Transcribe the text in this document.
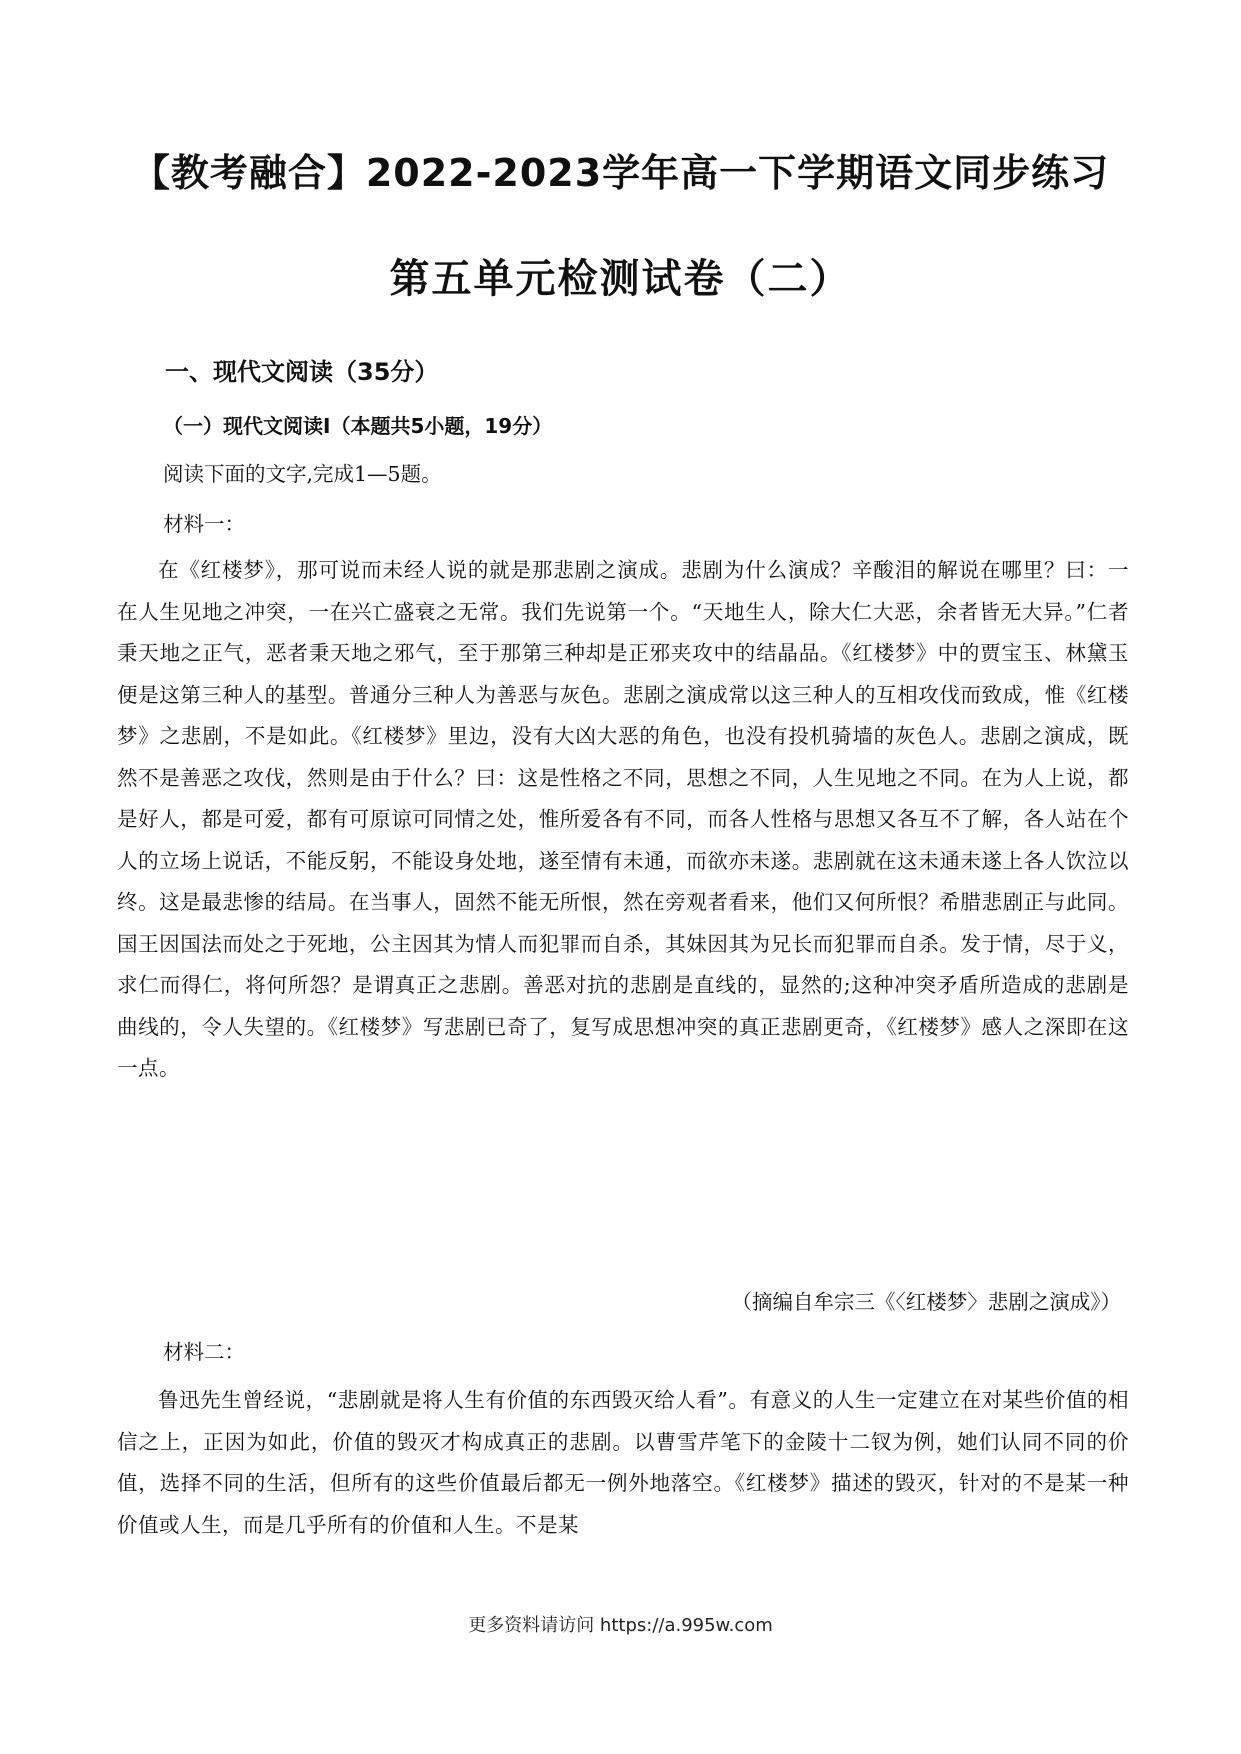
【教考融合】2022-2023学年高一下学期语文同步练习
第五单元检测试卷（二）
一、现代文阅读（35分）
（一）现代文阅读Ⅰ（本题共5小题，19分）
阅读下面的文字,完成1—5题。
材料一：

在《红楼梦》，那可说而未经人说的就是那悲剧之演成。悲剧为什么演成？辛酸泪的解说在哪里？曰：一在人生见地之冲突，一在兴亡盛衰之无常。我们先说第一个。“天地生人，除大仁大恶，余者皆无大异。”仁者秉天地之正气，恶者秉天地之邪气，至于那第三种却是正邪夹攻中的结晶品。《红楼梦》中的贾宝玉、林黛玉便是这第三种人的基型。普通分三种人为善恶与灰色。悲剧之演成常以这三种人的互相攻伐而致成，惟《红楼梦》之悲剧，不是如此。《红楼梦》里边，没有大凶大恶的角色，也没有投机骑墙的灰色人。悲剧之演成，既然不是善恶之攻伐，然则是由于什么？曰：这是性格之不同，思想之不同，人生见地之不同。在为人上说，都是好人，都是可爱，都有可原谅可同情之处，惟所爱各有不同，而各人性格与思想又各互不了解，各人站在个人的立场上说话，不能反躬，不能设身处地，遂至情有未通，而欲亦未遂。悲剧就在这未通未遂上各人饮泣以终。这是最悲惨的结局。在当事人，固然不能无所恨，然在旁观者看来，他们又何所恨？希腊悲剧正与此同。国王因国法而处之于死地，公主因其为情人而犯罪而自杀，其妹因其为兄长而犯罪而自杀。发于情，尽于义，求仁而得仁，将何所怨？是谓真正之悲剧。善恶对抗的悲剧是直线的，显然的;这种冲突矛盾所造成的悲剧是曲线的，令人失望的。《红楼梦》写悲剧已奇了，复写成思想冲突的真正悲剧更奇，《红楼梦》感人之深即在这一点。

（摘编自牟宗三《〈红楼梦〉悲剧之演成》）
材料二：

鲁迅先生曾经说，“悲剧就是将人生有价值的东西毁灭给人看”。有意义的人生一定建立在对某些价值的相信之上，正因为如此，价值的毁灭才构成真正的悲剧。以曹雪芹笔下的金陵十二钗为例，她们认同不同的价值，选择不同的生活，但所有的这些价值最后都无一例外地落空。《红楼梦》描述的毁灭，针对的不是某一种价值或人生，而是几乎所有的价值和人生。不是某

更多资料请访问 https://a.995w.com
